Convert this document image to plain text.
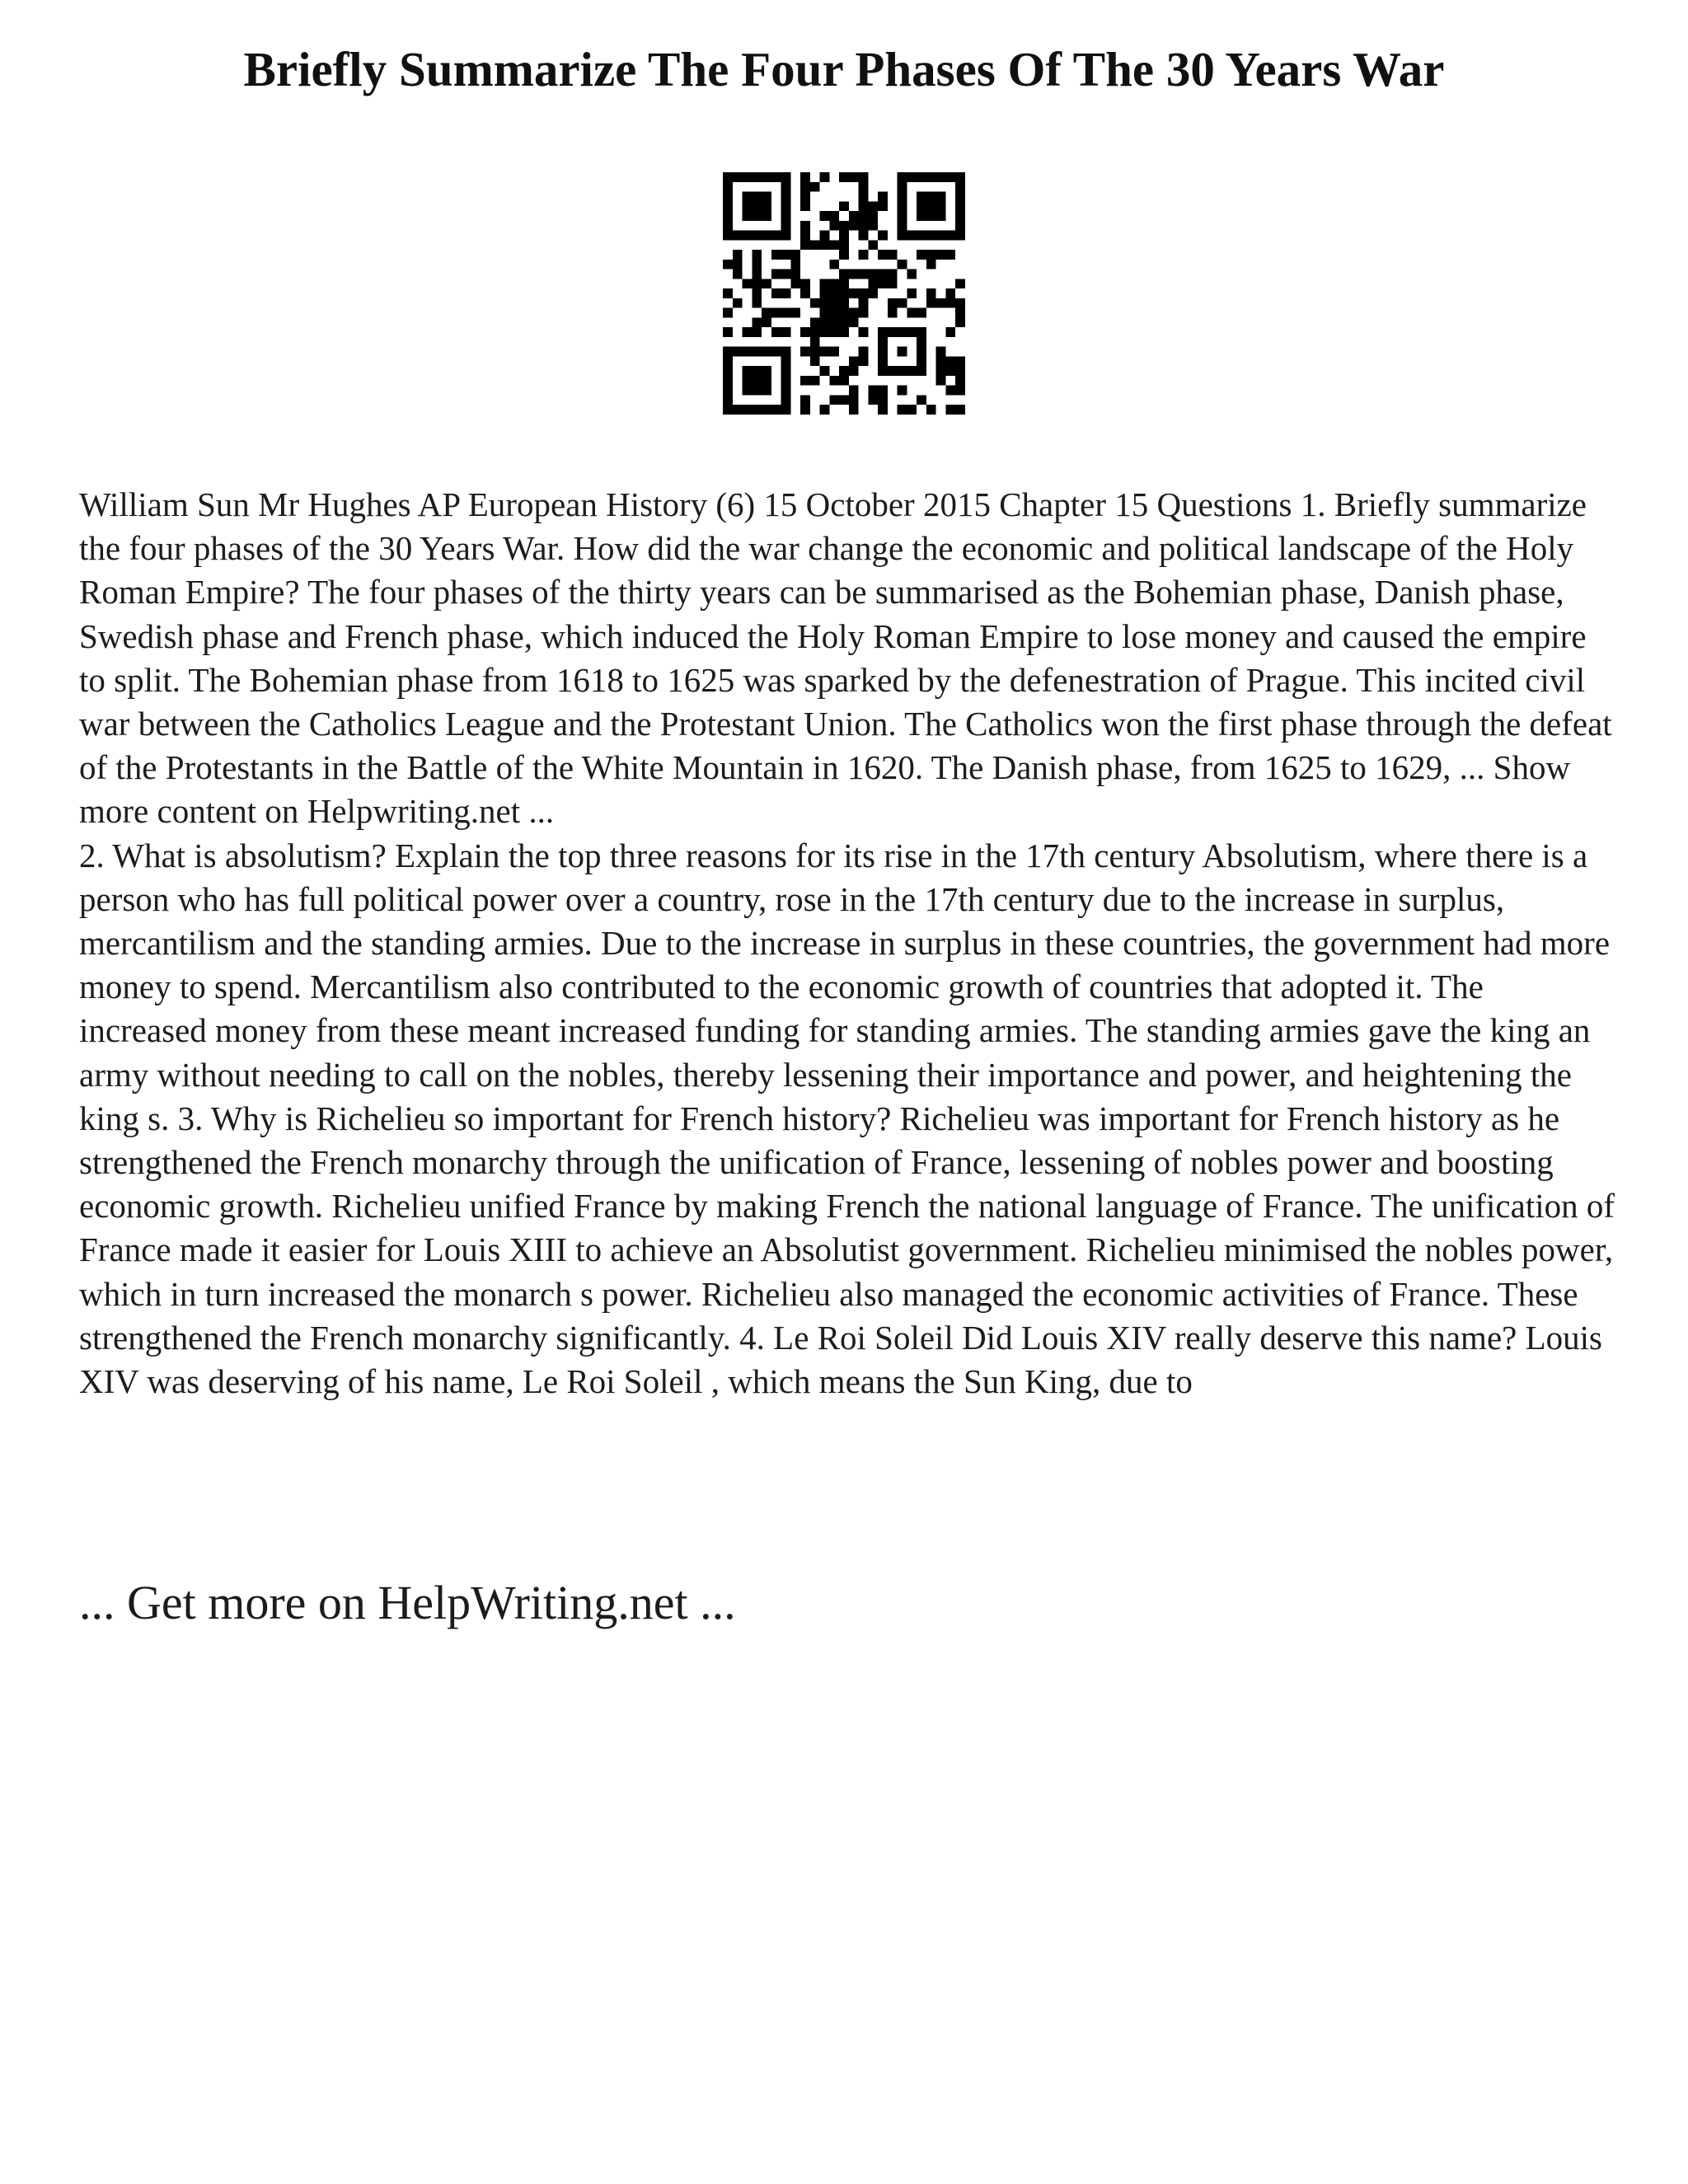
Briefly Summarize The Four Phases Of The 30 Years War

William Sun Mr Hughes AP European History (6) 15 October 2015 Chapter 15 Questions 1. Briefly summarize the four phases of the 30 Years War. How did the war change the economic and political landscape of the Holy Roman Empire? The four phases of the thirty years can be summarised as the Bohemian phase, Danish phase, Swedish phase and French phase, which induced the Holy Roman Empire to lose money and caused the empire to split. The Bohemian phase from 1618 to 1625 was sparked by the defenestration of Prague. This incited civil war between the Catholics League and the Protestant Union. The Catholics won the first phase through the defeat of the Protestants in the Battle of the White Mountain in 1620. The Danish phase, from 1625 to 1629, ... Show more content on Helpwriting.net ...

2. What is absolutism? Explain the top three reasons for its rise in the 17th century Absolutism, where there is a person who has full political power over a country, rose in the 17th century due to the increase in surplus, mercantilism and the standing armies. Due to the increase in surplus in these countries, the government had more money to spend. Mercantilism also contributed to the economic growth of countries that adopted it. The increased money from these meant increased funding for standing armies. The standing armies gave the king an army without needing to call on the nobles, thereby lessening their importance and power, and heightening the king s. 3. Why is Richelieu so important for French history? Richelieu was important for French history as he strengthened the French monarchy through the unification of France, lessening of nobles power and boosting economic growth. Richelieu unified France by making French the national language of France. The unification of France made it easier for Louis XIII to achieve an Absolutist government. Richelieu minimised the nobles power, which in turn increased the monarch s power. Richelieu also managed the economic activities of France. These strengthened the French monarchy significantly. 4. Le Roi Soleil Did Louis XIV really deserve this name? Louis XIV was deserving of his name, Le Roi Soleil , which means the Sun King, due to

... Get more on HelpWriting.net ...
